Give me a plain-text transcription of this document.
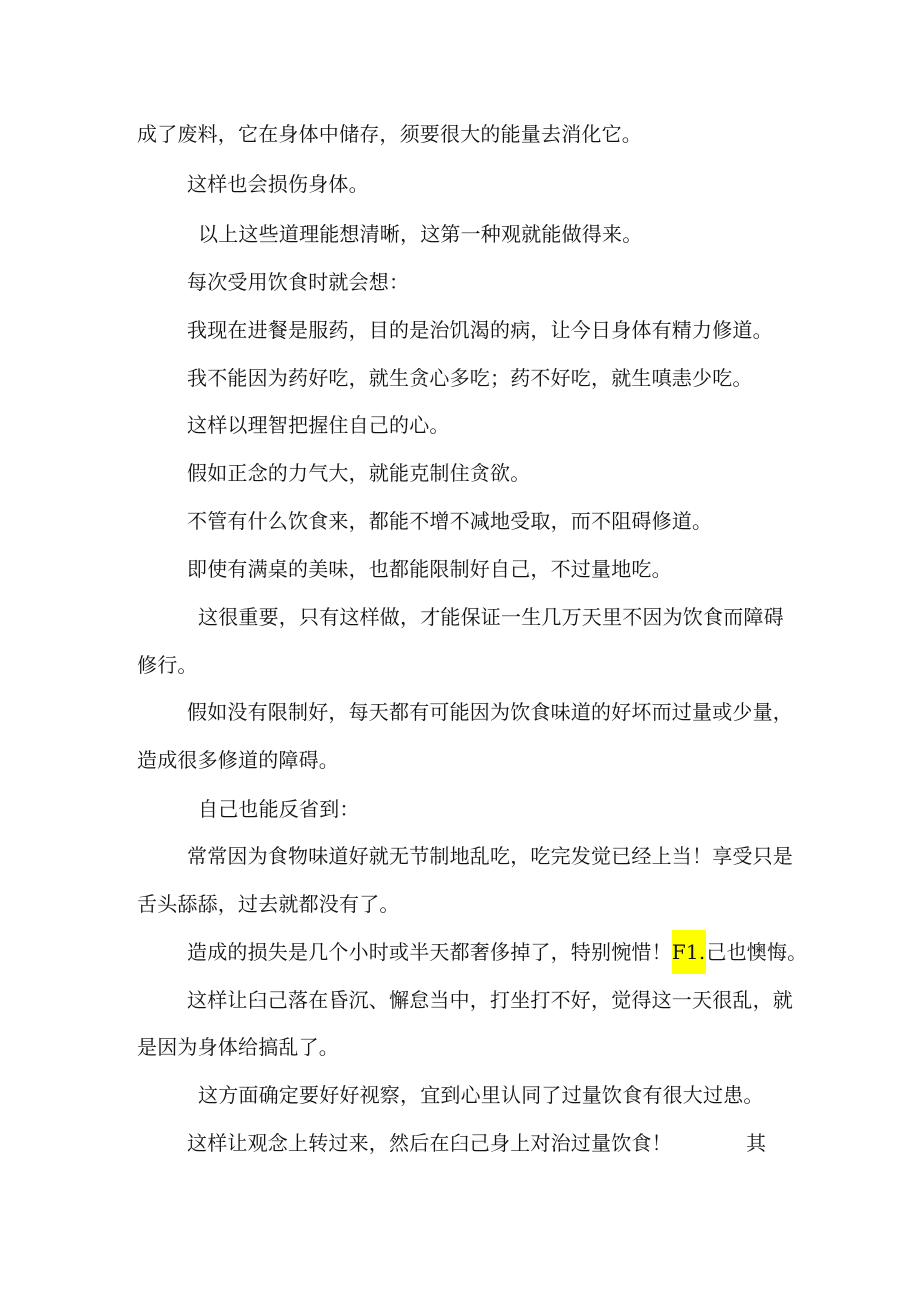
成了废料，它在身体中储存，须要很大的能量去消化它。
这样也会损伤身体。
以上这些道理能想清晰，这第一种观就能做得来。
每次受用饮食时就会想：
我现在进餐是服药，目的是治饥渴的病，让今日身体有精力修道。
我不能因为药好吃，就生贪心多吃；药不好吃，就生嗔恚少吃。
这样以理智把握住自己的心。
假如正念的力气大，就能克制住贪欲。
不管有什么饮食来，都能不增不减地受取，而不阻碍修道。
即使有满桌的美味，也都能限制好自己，不过量地吃。
这很重要，只有这样做，才能保证一生几万天里不因为饮食而障碍
修行。
假如没有限制好，每天都有可能因为饮食味道的好坏而过量或少量，
造成很多修道的障碍。
自己也能反省到：
常常因为食物味道好就无节制地乱吃，吃完发觉已经上当！享受只是
舌头舔舔，过去就都没有了。
造成的损失是几个小时或半天都奢侈掉了，特别惋惜！F1.己也懊悔。
这样让臼己落在昏沉、懈怠当中，打坐打不好，觉得这一天很乱，就
是因为身体给搞乱了。
这方面确定要好好视察，宜到心里认同了过量饮食有很大过患。
这样让观念上转过来，然后在臼己身上对治过量饮食！	其
